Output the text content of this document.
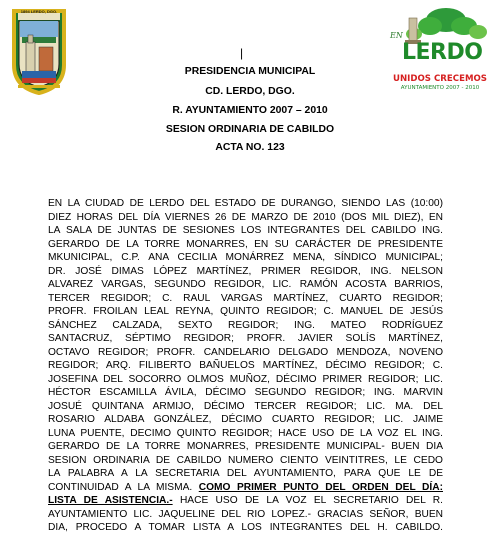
1894 LERDO, DGO.
EN
LERDO
UNIDOS CRECEMOS
AYUNTAMIENTO 2007 - 2010
|
PRESIDENCIA MUNICIPAL
CD. LERDO, DGO.
R. AYUNTAMIENTO 2007 – 2010
SESION ORDINARIA DE CABILDO
ACTA NO. 123
EN LA CIUDAD DE LERDO DEL ESTADO DE DURANGO, SIENDO LAS (10:00)
DIEZ HORAS DEL DÍA VIERNES 26 DE MARZO DE 2010 (DOS MIL DIEZ), EN
LA SALA DE JUNTAS DE SESIONES LOS INTEGRANTES DEL CABILDO ING.
GERARDO DE LA TORRE MONARRES, EN SU CARÁCTER DE PRESIDENTE
MKUNICIPAL, C.P. ANA CECILIA MONÁRREZ MENA, SÍNDICO MUNICIPAL;
DR. JOSÉ DIMAS LÓPEZ MARTÍNEZ, PRIMER REGIDOR, ING. NELSON
ALVAREZ VARGAS, SEGUNDO REGIDOR, LIC. RAMÓN ACOSTA BARRIOS,
TERCER REGIDOR; C. RAUL VARGAS MARTÍNEZ, CUARTO REGIDOR;
PROFR. FROILAN LEAL REYNA, QUINTO REGIDOR; C. MANUEL DE JESÚS
SÁNCHEZ CALZADA, SEXTO REGIDOR; ING. MATEO RODRÍGUEZ
SANTACRUZ, SÉPTIMO REGIDOR; PROFR. JAVIER SOLÍS MARTÍNEZ,
OCTAVO REGIDOR; PROFR. CANDELARIO DELGADO MENDOZA, NOVENO
REGIDOR; ARQ. FILIBERTO BAÑUELOS MARTÍNEZ, DÉCIMO REGIDOR; C.
JOSEFINA DEL SOCORRO OLMOS MUÑOZ, DÉCIMO PRIMER REGIDOR; LIC.
HÉCTOR ESCAMILLA ÁVILA, DÉCIMO SEGUNDO REGIDOR; ING. MARVIN
JOSUÉ QUINTANA ARMIJO, DÉCIMO TERCER REGIDOR; LIC. MA. DEL
ROSARIO ALDABA GONZÁLEZ, DÉCIMO CUARTO REGIDOR; LIC. JAIME
LUNA PUENTE, DECIMO QUINTO REGIDOR; HACE USO DE LA VOZ EL ING.
GERARDO DE LA TORRE MONARRES, PRESIDENTE MUNICIPAL- BUEN DIA
SESION ORDINARIA DE CABILDO NUMERO CIENTO VEINTITRES, LE CEDO
LA PALABRA A LA SECRETARIA DEL AYUNTAMIENTO, PARA QUE LE DE
CONTINUIDAD A LA MISMA. COMO PRIMER PUNTO DEL ORDEN DEL DÍA:
LISTA DE ASISTENCIA.- HACE USO DE LA VOZ EL SECRETARIO DEL R.
AYUNTAMIENTO LIC. JAQUELINE DEL RIO LOPEZ.- GRACIAS SEÑOR, BUEN
DIA, PROCEDO A TOMAR LISTA A LOS INTEGRANTES DEL H. CABILDO.
